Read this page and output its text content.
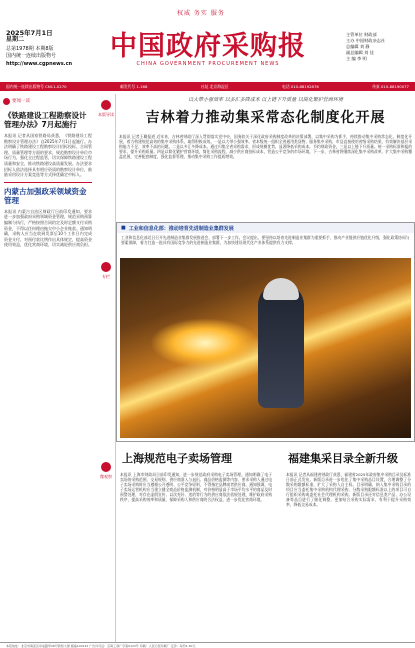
权威 务实 服务
2025年7月1日
星期二
总第1978期 本期8版
国内统一连续出版物号
http://www.cgpnews.cn
中国政府采购报
CHINA GOVERNMENT PROCUREMENT NEWS
主管单位 财政部
主办 中国财政杂志社
总编辑 刘 静
副总编辑 刘 佳
主 编 李 明
国内统一连续出版物号 CN11-0270	邮发代号 1-168	社址 北京海淀区	电话 010-88192876	传真 010-88190077
要闻一读
《铁路建设工程勘察设计管理办法》7月起施行
本报讯 记者从国家铁路局获悉，《铁路建设工程勘察设计管理办法》自2025年7月1日起施行。办法明确了铁路建设工程勘察设计招标投标、合同管理、质量管理等方面的要求，规范勘察设计单位市场行为，强化全过程监管，切实保障铁路建设工程质量和安全，推动铁路建设高质量发展。办法要求招标人依法选择具有相应资质的勘察设计单位，鼓励采用设计方案竞选等方式择优确定中标人。
内蒙古加强政采领域资金管理
本报讯 内蒙古自治区财政厅日前印发通知，要求进一步加强政府采购领域资金管理，规范采购预算编制与执行，严格按照合同约定及时足额支付采购资金，不得以任何理由拖欠中小企业账款。通知明确，采购人应当在收到发票后10个工作日内完成资金支付，对预付款比例作出具体规定，提高资金使用效益，优化营商环境，切实减轻供应商负担。
本版导读
专栏
微观察
以大带小强效率 以多汇多降成本 以上链下升质量 以简化繁护营商环境
吉林着力推动集采常态化制度化开展
本报讯 记者王璐报道 近年来，吉林省财政厅深入贯彻落实党中央、国务院关于深化政府采购制度改革的决策部署，以集中采购为抓手，持续推动集中采购常态化、制度化开展，着力构建规范高效的集中采购体系，取得积极成效。一是以大带小强效率。省本级统一组织全省通用类货物、服务集中采购，市县直接使用省级采购结果，有效解决基层采购能力不足、效率不高的问题。二是以多汇多降成本。通过归集全省采购需求，形成规模优势，显著降低采购成本，节约财政资金。三是以上链下升质量。统一采购标准和履约要求，提升采购质量。四是以简化繁护营商环境，简化采购流程，减少供应商投标成本，营造公平竞争的市场环境。下一步，吉林省将继续深化集中采购改革，扩大集中采购覆盖范围，完善配套制度，强化监督管理，推动集中采购工作提质增效。
■ 工业和信息化部：推动培育先进制造业集群发展
工业和信息化部近日召开先进制造业集群发展推进会，部署下一步工作。会议提出，要坚持以培育先进制造业集群为重要抓手，推动产业链供应链优化升级，强化政策协同与要素保障，着力打造一批具有国际竞争力的先进制造业集群，为加快建设现代化产业体系提供有力支撑。
上海规范电子卖场管理
本报讯 上海市财政局日前印发通知，进一步规范政府采购电子卖场管理。通知明确了电子卖场的采购范围、交易规则、供应商准入与退出、商品价格监测等内容，要求采购人通过电子卖场采购时应当遵循公开透明、公平竞争原则，不得指定品牌或者供应商。通知强调，电子卖场运营机构应当建立健全商品价格监测机制，对价格明显高于市场平均水平的商品及时预警处理，对存在虚假宣传、以次充好、违约等行为的供应商依法依规处理，维护政府采购秩序，提高采购效率和质量，保障采购人和供应商的合法权益，进一步优化营商环境。
福建集采目录全新升级
本报讯 记者从福建省财政厅获悉，福建省2025年政府集中采购目录及标准日前正式发布。新版目录进一步优化了集中采购品目设置，合理调整了分散采购限额标准，扩大了采购人自主权。目录明确，纳入集中采购目录的项目应当委托集中采购机构代理采购，分散采购限额标准以上的项目可自行组织采购或委托社会代理机构采购。新版目录还对信息类产品、办公设备等品目进行了细化调整，更加贴合采购实际需求，有利于提升采购效率，降低交易成本。
本报地址：北京市海淀区阜成路甲28号新知大厦 邮编100142 广告许可证：京海工商广字第0123号 印刷：人民日报印刷厂 定价：每份1.50元
